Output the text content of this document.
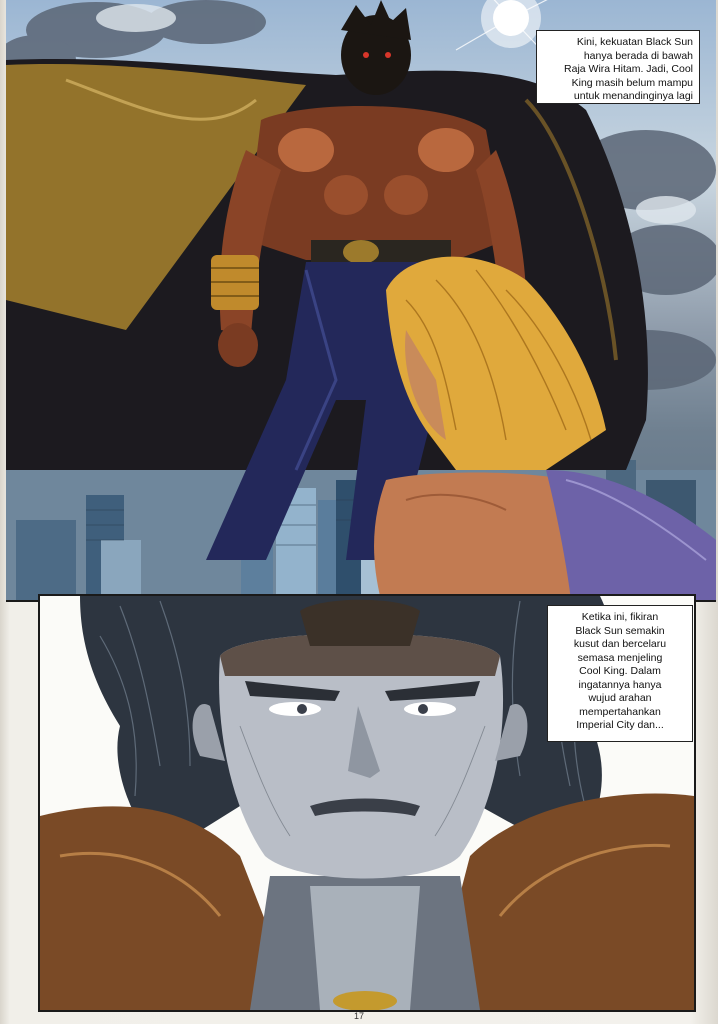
Kini, kekuatan Black Sun
hanya berada di bawah
Raja Wira Hitam. Jadi, Cool
King masih belum mampu
untuk menandinginya lagi
Ketika ini, fikiran
Black Sun semakin
kusut dan bercelaru
semasa menjeling
Cool King. Dalam
ingatannya hanya
wujud arahan
mempertahankan
Imperial City dan...
17
